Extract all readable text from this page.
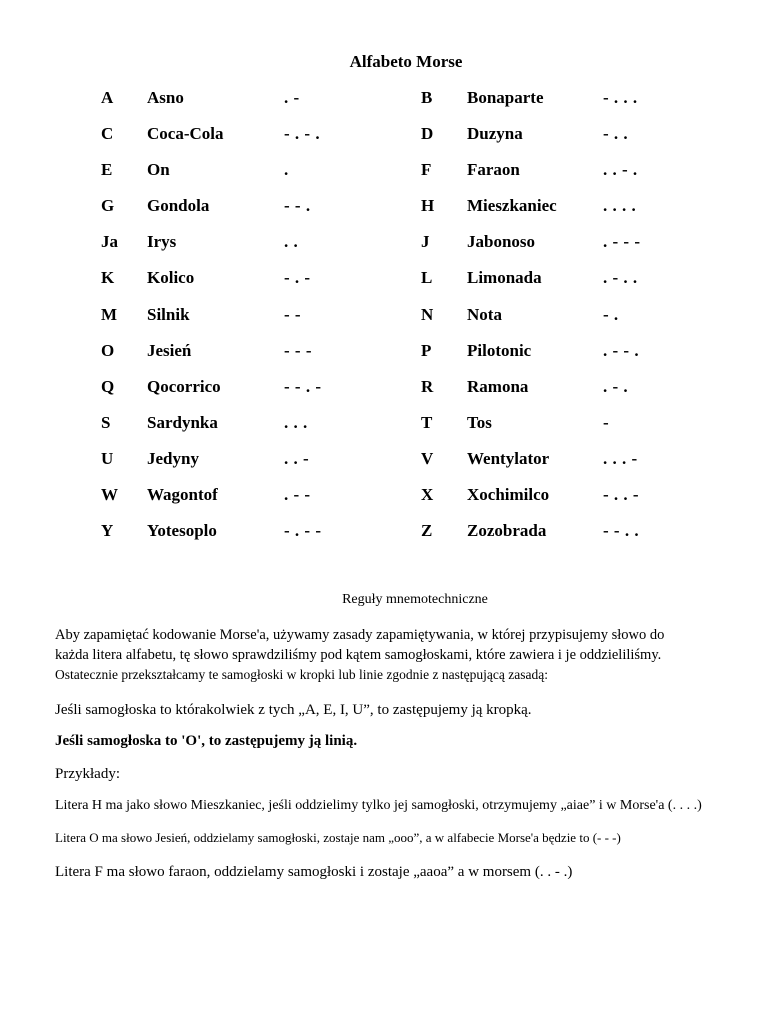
Alfabeto Morse
A Asno	. -	B Bonaparte	- . . .
C Coca-Cola	- . - .	D Duzyna	- . .
E On	.	F Faraon	. . - .
G Gondola	- - .	H Mieszkaniec	. . . .
Ja Irys	. .	J Jabonoso	. - - -
K Kolico	- . -	L Limonada	. - . .
M Silnik	- -	N Nota	- .
O Jesień	- - -	P Pilotonic	. - - .
Q Qocorrico	- - . -	R Ramona	. - .
S Sardynka	. . .	T Tos	-
U Jedyny	. . -	V Wentylator	. . . -
W Wagontof	. - -	X Xochimilco	- . . -
Y Yotesoplo	- . - -	Z Zozobrada	- - . .
Reguły mnemotechniczne
Aby zapamiętać kodowanie Morse'a, używamy zasady zapamiętywania, w której przypisujemy słowo do
każda litera alfabetu, tę słowo sprawdziliśmy pod kątem samogłoskami, które zawiera i je oddzieliliśmy.
Ostatecznie przekształcamy te samogłoski w kropki lub linie zgodnie z następującą zasadą:
Jeśli samogłoska to którakolwiek z tych „A, E, I, U”, to zastępujemy ją kropką.
Jeśli samogłoska to 'O', to zastępujemy ją linią.
Przykłady:
Litera H ma jako słowo Mieszkaniec, jeśli oddzielimy tylko jej samogłoski, otrzymujemy „aiae” i w Morse'a (. . . .)
Litera O ma słowo Jesień, oddzielamy samogłoski, zostaje nam „ooo”, a w alfabecie Morse'a będzie to (- - -)
Litera F ma słowo faraon, oddzielamy samogłoski i zostaje „aaoa” a w morsem (. . - .)
